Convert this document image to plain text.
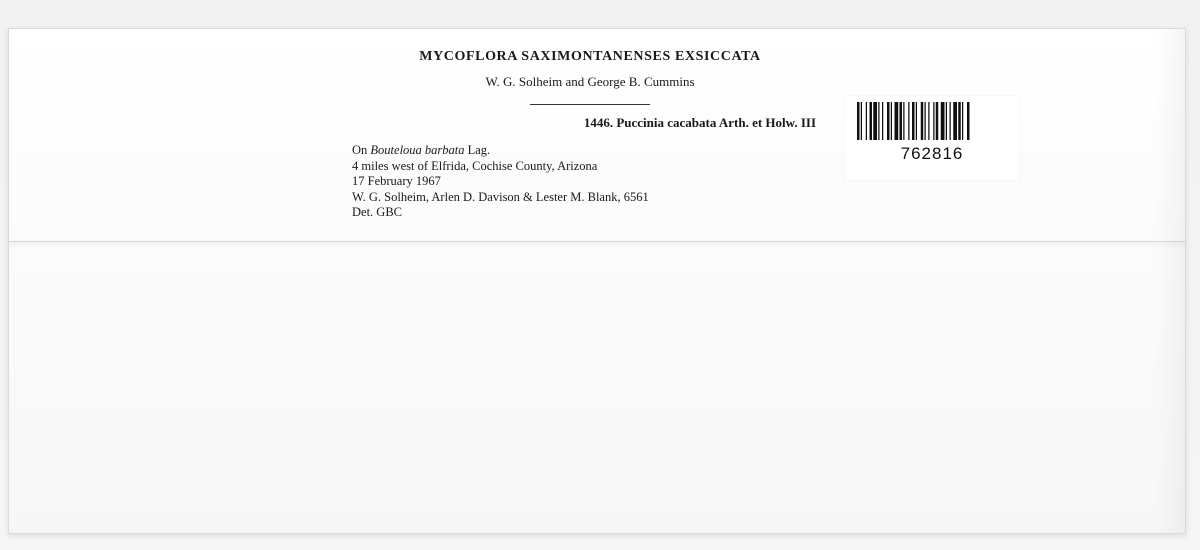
MYCOFLORA SAXIMONTANENSES EXSICCATA

W. G. Solheim and George B. Cummins

1446. Puccinia cacabata Arth. et Holw. III

On Bouteloua barbata Lag.
4 miles west of Elfrida, Cochise County, Arizona
17 February 1967
W. G. Solheim, Arlen D. Davison & Lester M. Blank, 6561
Det. GBC
762816
